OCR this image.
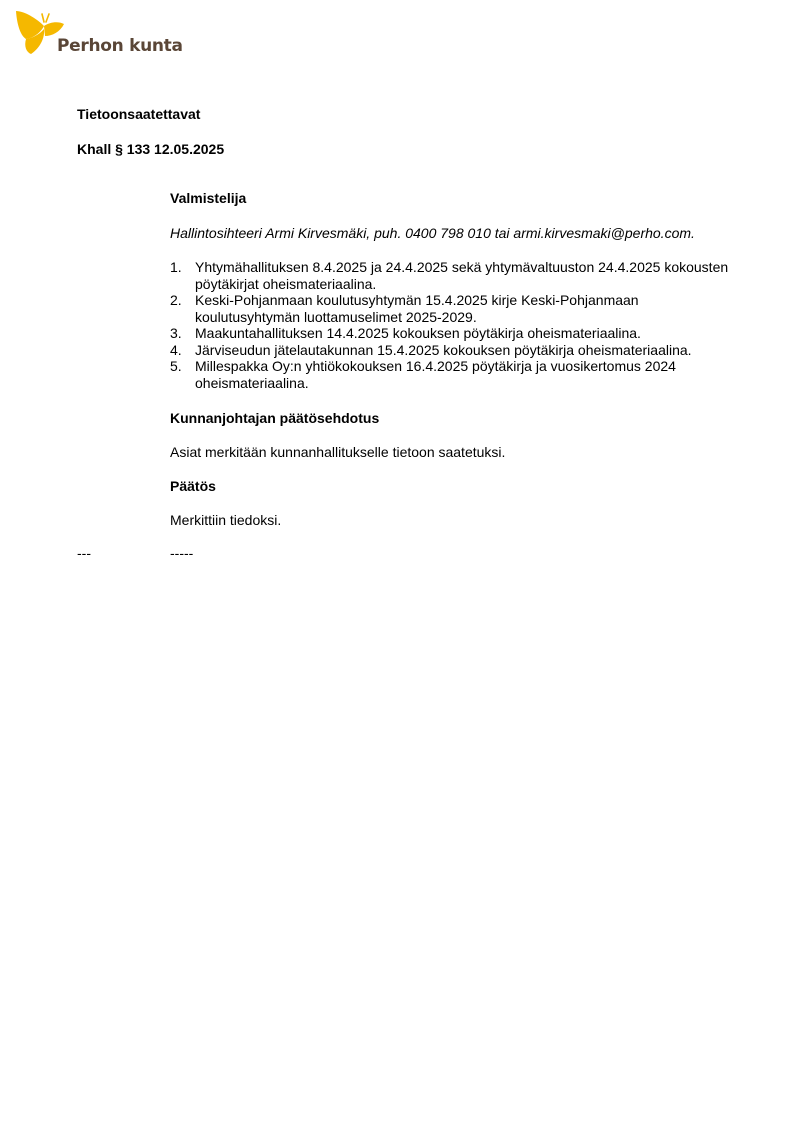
Perhon kunta
Tietoonsaatettavat
Khall § 133 12.05.2025
Valmistelija
Hallintosihteeri Armi Kirvesmäki, puh. 0400 798 010 tai armi.kirvesmaki@perho.com.
1. Yhtymähallituksen 8.4.2025 ja 24.4.2025 sekä yhtymävaltuuston 24.4.2025 kokousten pöytäkirjat oheismateriaalina.
2. Keski-Pohjanmaan koulutusyhtymän 15.4.2025 kirje Keski-Pohjanmaan koulutusyhtymän luottamuselimet 2025-2029.
3. Maakuntahallituksen 14.4.2025 kokouksen pöytäkirja oheismateriaalina.
4. Järviseudun jätelautakunnan 15.4.2025 kokouksen pöytäkirja oheismateriaalina.
5. Millespakka Oy:n yhtiökokouksen 16.4.2025 pöytäkirja ja vuosikertomus 2024 oheismateriaalina.
Kunnanjohtajan päätösehdotus
Asiat merkitään kunnanhallitukselle tietoon saatetuksi.
Päätös
Merkittiin tiedoksi.
---	-----
